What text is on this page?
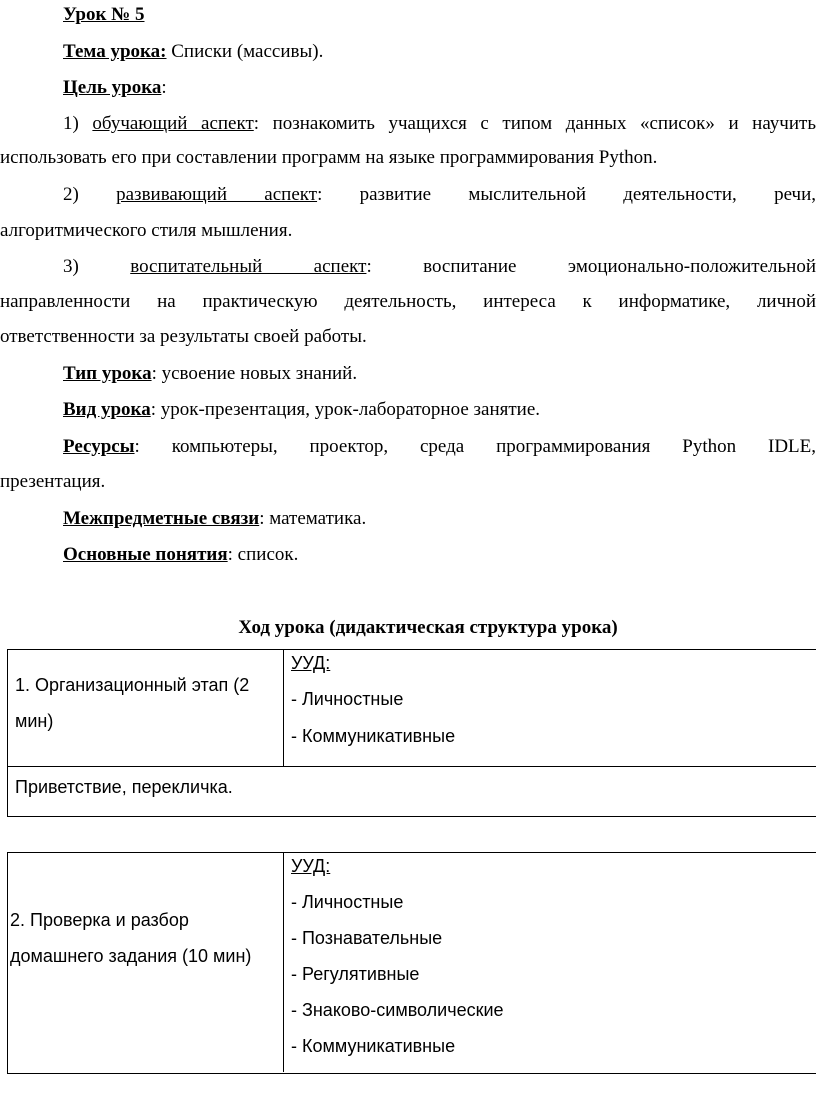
Урок № 5
Тема урока: Списки (массивы).
Цель урока:
1) обучающий аспект: познакомить учащихся с типом данных «список» и научить
использовать его при составлении программ на языке программирования Python.
2) развивающий аспект: развитие мыслительной деятельности, речи,
алгоритмического стиля мышления.
3)	воспитательный аспект: воспитание эмоционально-положительной
направленности на практическую деятельность, интереса к информатике, личной
ответственности за результаты своей работы.
Тип урока: усвоение новых знаний.
Вид урока: урок-презентация, урок-лабораторное занятие.
Ресурсы: компьютеры, проектор, среда программирования Python IDLE,
презентация.
Межпредметные связи: математика.
Основные понятия: список.
Ход урока (дидактическая структура урока)
1. Организационный этап (2
мин)
УУД:
- Личностные
- Коммуникативные
Приветствие, перекличка.
2. Проверка и разбор
домашнего задания (10 мин)
УУД:
- Личностные
- Познавательные
- Регулятивные
- Знаково-символические
- Коммуникативные
